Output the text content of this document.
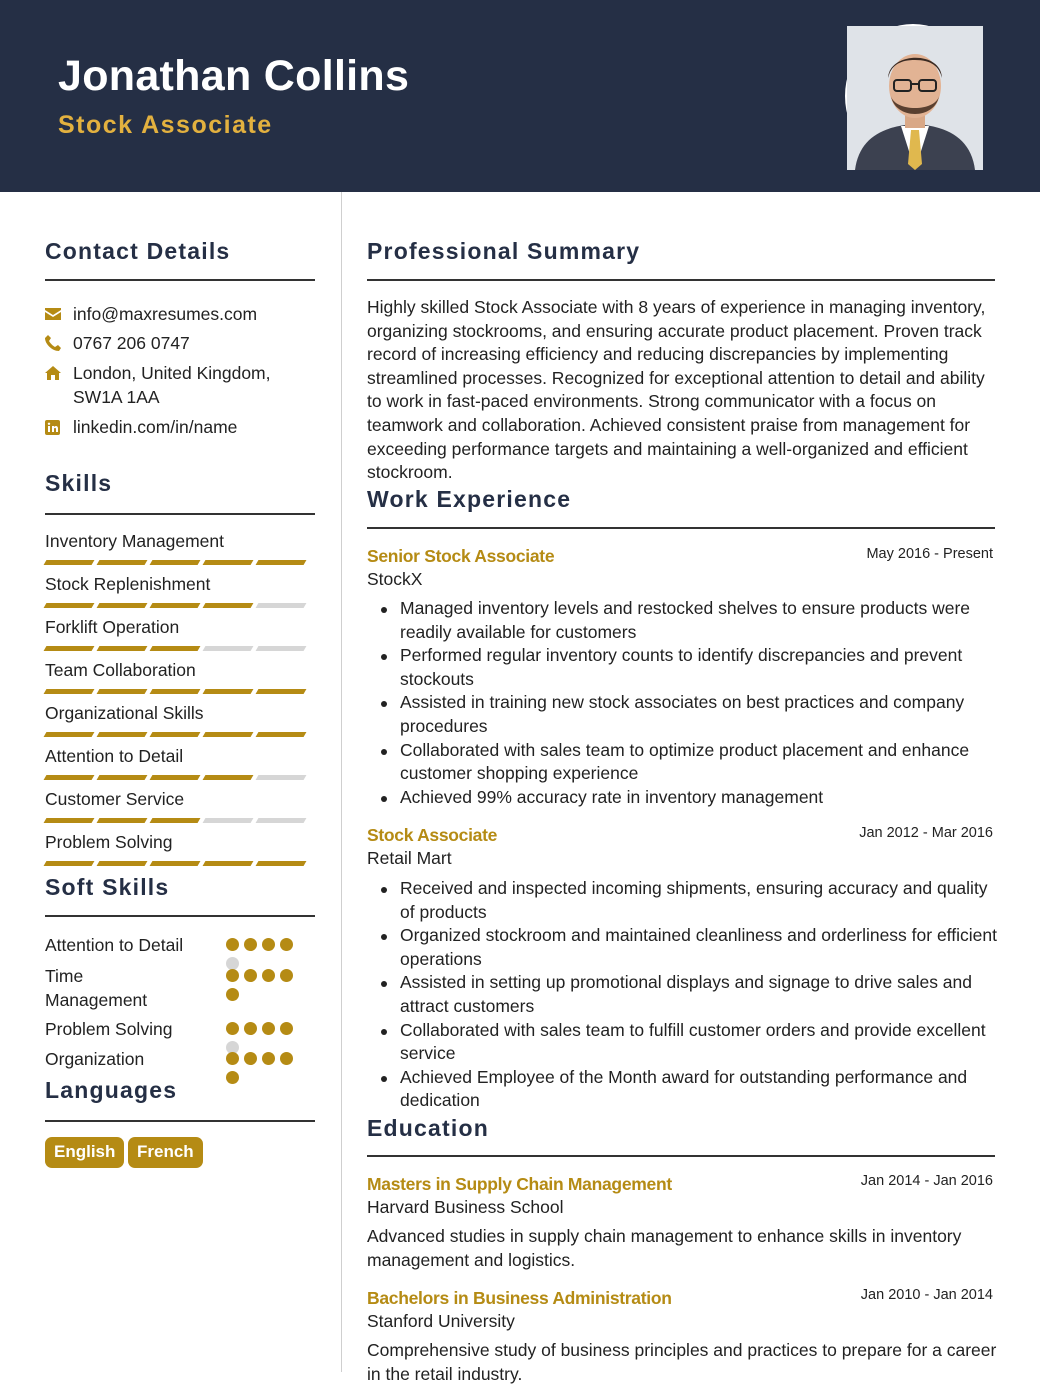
Jonathan Collins
Stock Associate
Contact Details
info@maxresumes.com
0767 206 0747
London, United Kingdom,
SW1A 1AA
linkedin.com/in/name
Skills
Inventory Management
Stock Replenishment
Forklift Operation
Team Collaboration
Organizational Skills
Attention to Detail
Customer Service
Problem Solving
Soft Skills
Attention to Detail
Time Management
Problem Solving
Organization
Languages
English	French
Professional Summary
Highly skilled Stock Associate with 8 years of experience in managing inventory, organizing stockrooms, and ensuring accurate product placement. Proven track record of increasing efficiency and reducing discrepancies by implementing streamlined processes. Recognized for exceptional attention to detail and ability to work in fast-paced environments. Strong communicator with a focus on teamwork and collaboration. Achieved consistent praise from management for exceeding performance targets and maintaining a well-organized and efficient stockroom.
Work Experience
Senior Stock Associate	May 2016 - Present
StockX
Managed inventory levels and restocked shelves to ensure products were readily available for customers
Performed regular inventory counts to identify discrepancies and prevent stockouts
Assisted in training new stock associates on best practices and company procedures
Collaborated with sales team to optimize product placement and enhance customer shopping experience
Achieved 99% accuracy rate in inventory management
Stock Associate	Jan 2012 - Mar 2016
Retail Mart
Received and inspected incoming shipments, ensuring accuracy and quality of products
Organized stockroom and maintained cleanliness and orderliness for efficient operations
Assisted in setting up promotional displays and signage to drive sales and attract customers
Collaborated with sales team to fulfill customer orders and provide excellent service
Achieved Employee of the Month award for outstanding performance and dedication
Education
Masters in Supply Chain Management	Jan 2014 - Jan 2016
Harvard Business School
Advanced studies in supply chain management to enhance skills in inventory management and logistics.
Bachelors in Business Administration	Jan 2010 - Jan 2014
Stanford University
Comprehensive study of business principles and practices to prepare for a career in the retail industry.
